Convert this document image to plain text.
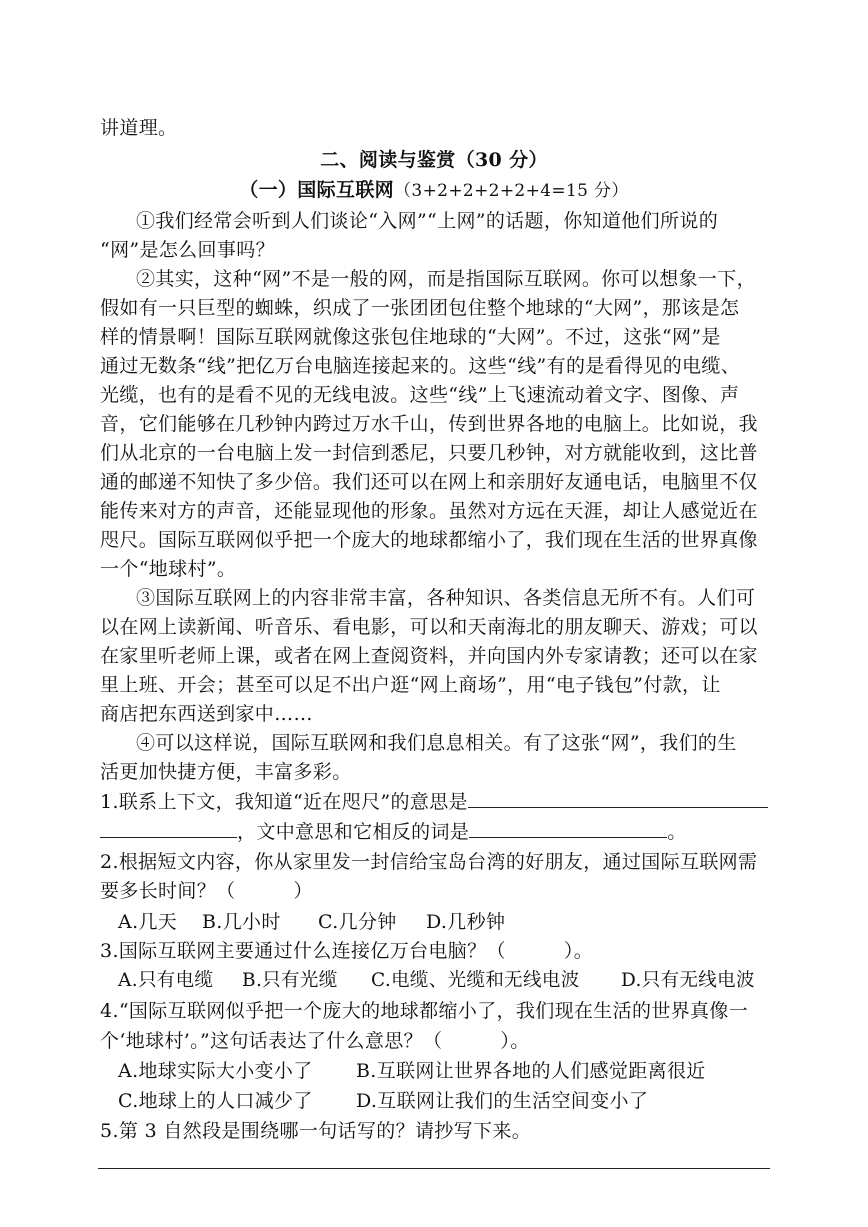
讲道理。
二、阅读与鉴赏（30 分）
（一）国际互联网（3+2+2+2+2+4=15 分）
①我们经常会听到人们谈论“入网”“上网”的话题，你知道他们所说的
“网”是怎么回事吗？
②其实，这种“网”不是一般的网，而是指国际互联网。你可以想象一下，
假如有一只巨型的蜘蛛，织成了一张团团包住整个地球的“大网”，那该是怎
样的情景啊！国际互联网就像这张包住地球的“大网”。不过，这张“网”是
通过无数条“线”把亿万台电脑连接起来的。这些“线”有的是看得见的电缆、
光缆，也有的是看不见的无线电波。这些“线”上飞速流动着文字、图像、声
音，它们能够在几秒钟内跨过万水千山，传到世界各地的电脑上。比如说，我
们从北京的一台电脑上发一封信到悉尼，只要几秒钟，对方就能收到，这比普
通的邮递不知快了多少倍。我们还可以在网上和亲朋好友通电话，电脑里不仅
能传来对方的声音，还能显现他的形象。虽然对方远在天涯，却让人感觉近在
咫尺。国际互联网似乎把一个庞大的地球都缩小了，我们现在生活的世界真像
一个“地球村”。
③国际互联网上的内容非常丰富，各种知识、各类信息无所不有。人们可
以在网上读新闻、听音乐、看电影，可以和天南海北的朋友聊天、游戏；可以
在家里听老师上课，或者在网上查阅资料，并向国内外专家请教；还可以在家
里上班、开会；甚至可以足不出户逛“网上商场”，用“电子钱包”付款，让
商店把东西送到家中……
④可以这样说，国际互联网和我们息息相关。有了这张“网”，我们的生
活更加快捷方便，丰富多彩。
1.联系上下文，我知道“近在咫尺”的意思是
，文中意思和它相反的词是	。
2.根据短文内容，你从家里发一封信给宝岛台湾的好朋友，通过国际互联网需
要多长时间？（　　　）
A.几天 B.几小时 C.几分钟 D.几秒钟
3.国际互联网主要通过什么连接亿万台电脑？（　　　）。
A.只有电缆 B.只有光缆 C.电缆、光缆和无线电波 D.只有无线电波
4.“国际互联网似乎把一个庞大的地球都缩小了，我们现在生活的世界真像一
个‘地球村’。”这句话表达了什么意思？（　　　）。
A.地球实际大小变小了 B.互联网让世界各地的人们感觉距离很近
C.地球上的人口减少了 D.互联网让我们的生活空间变小了
5.第 3 自然段是围绕哪一句话写的？请抄写下来。
